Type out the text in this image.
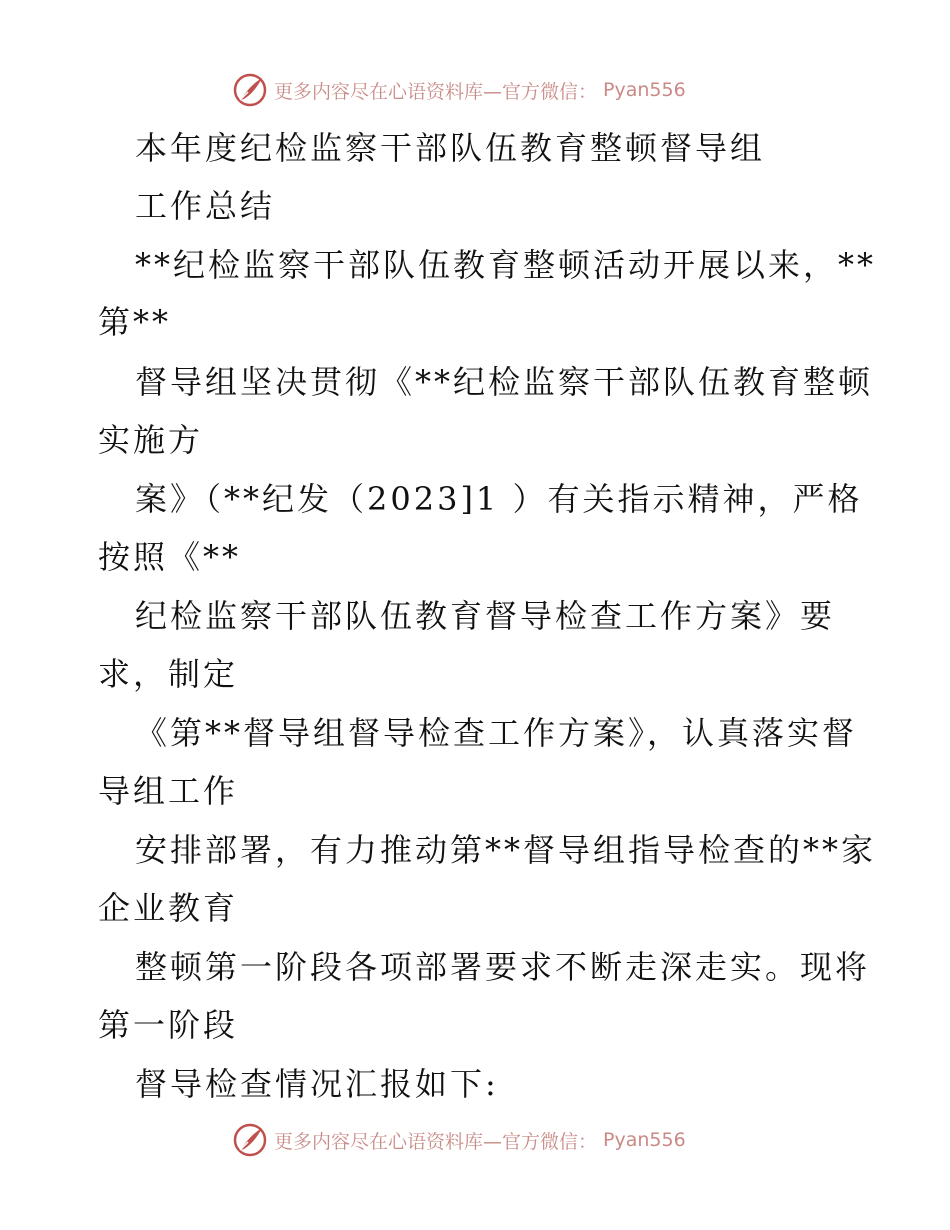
更多内容尽在心语资料库—官方微信： Pyan556
本年度纪检监察干部队伍教育整顿督导组
工作总结
**纪检监察干部队伍教育整顿活动开展以来，**
第**
督导组坚决贯彻《**纪检监察干部队伍教育整顿
实施方
案》（**纪发（2023]1 ）有关指示精神，严格
按照《**
纪检监察干部队伍教育督导检查工作方案》要
求，制定
《第**督导组督导检查工作方案》，认真落实督
导组工作
安排部署，有力推动第**督导组指导检查的**家
企业教育
整顿第一阶段各项部署要求不断走深走实。现将
第一阶段
督导检查情况汇报如下:
更多内容尽在心语资料库—官方微信： Pyan556
